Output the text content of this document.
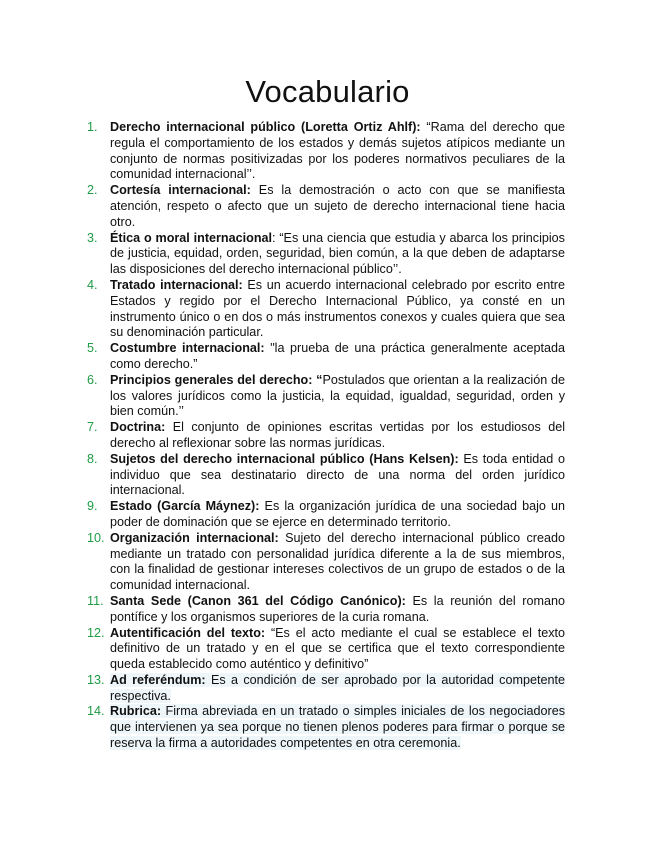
Vocabulario
1. Derecho internacional público (Loretta Ortiz Ahlf): “Rama del derecho que regula el comportamiento de los estados y demás sujetos atípicos mediante un conjunto de normas positivizadas por los poderes normativos peculiares de la comunidad internacional’’.
2. Cortesía internacional: Es la demostración o acto con que se manifiesta atención, respeto o afecto que un sujeto de derecho internacional tiene hacia otro.
3. Ética o moral internacional: “Es una ciencia que estudia y abarca los principios de justicia, equidad, orden, seguridad, bien común, a la que deben de adaptarse las disposiciones del derecho internacional público’’.
4. Tratado internacional: Es un acuerdo internacional celebrado por escrito entre Estados y regido por el Derecho Internacional Público, ya consté en un instrumento único o en dos o más instrumentos conexos y cuales quiera que sea su denominación particular.
5. Costumbre internacional: "la prueba de una práctica generalmente aceptada como derecho.”
6. Principios generales del derecho: “Postulados que orientan a la realización de los valores jurídicos como la justicia, la equidad, igualdad, seguridad, orden y bien común.’’
7. Doctrina: El conjunto de opiniones escritas vertidas por los estudiosos del derecho al reflexionar sobre las normas jurídicas.
8. Sujetos del derecho internacional público (Hans Kelsen): Es toda entidad o individuo que sea destinatario directo de una norma del orden jurídico internacional.
9. Estado (García Máynez): Es la organización jurídica de una sociedad bajo un poder de dominación que se ejerce en determinado territorio.
10. Organización internacional: Sujeto del derecho internacional público creado mediante un tratado con personalidad jurídica diferente a la de sus miembros, con la finalidad de gestionar intereses colectivos de un grupo de estados o de la comunidad internacional.
11. Santa Sede (Canon 361 del Código Canónico): Es la reunión del romano pontífice y los organismos superiores de la curia romana.
12. Autentificación del texto: “Es el acto mediante el cual se establece el texto definitivo de un tratado y en el que se certifica que el texto correspondiente queda establecido como auténtico y definitivo”
13. Ad referéndum: Es a condición de ser aprobado por la autoridad competente respectiva.
14. Rubrica: Firma abreviada en un tratado o simples iniciales de los negociadores que intervienen ya sea porque no tienen plenos poderes para firmar o porque se reserva la firma a autoridades competentes en otra ceremonia.
